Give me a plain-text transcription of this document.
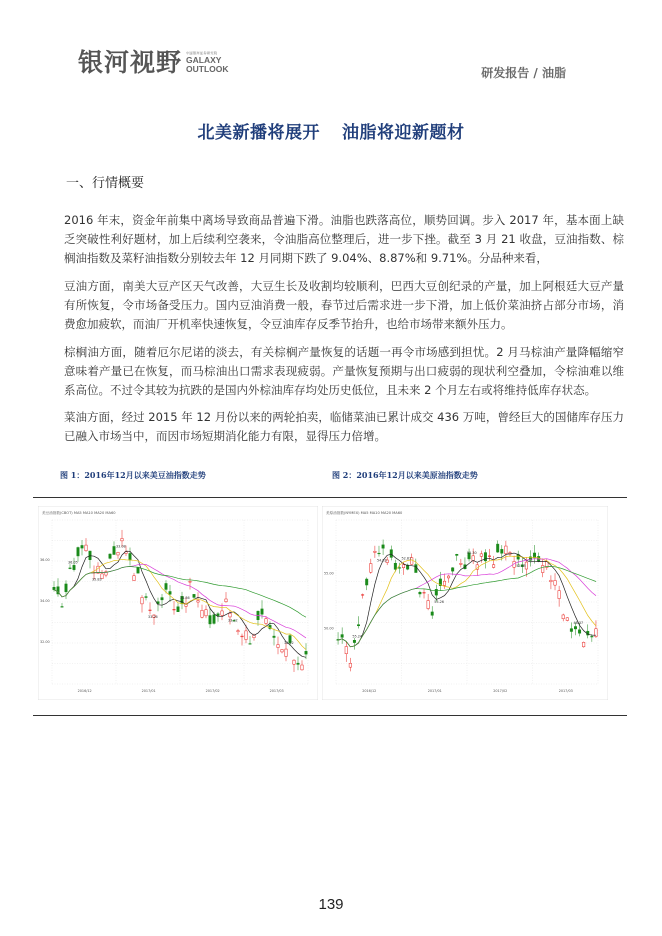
银河视野 中国银河证券研究院
GALAXY
OUTLOOK	研发报告 / 油脂
北美新播将展开 油脂将迎新题材
一、行情概要

2016 年末，资金年前集中离场导致商品普遍下滑。油脂也跌落高位，顺势回调。步入 2017 年，基本面上缺乏突破性利好题材，加上后续利空袭来，令油脂高位整理后，进一步下挫。截至 3 月 21 收盘，豆油指数、棕榈油指数及菜籽油指数分别较去年 12 月同期下跌了 9.04%、8.87%和 9.71%。分品种来看，

豆油方面，南美大豆产区天气改善，大豆生长及收割均较顺利，巴西大豆创纪录的产量，加上阿根廷大豆产量有所恢复，令市场备受压力。国内豆油消费一般，春节过后需求进一步下滑，加上低价菜油挤占部分市场，消费愈加疲软，而油厂开机率快速恢复，令豆油库存反季节抬升，也给市场带来额外压力。

棕榈油方面，随着厄尔尼诺的淡去，有关棕榈产量恢复的话题一再令市场感到担忧。2 月马棕油产量降幅缩窄意味着产量已在恢复，而马棕油出口需求表现疲弱。产量恢复预期与出口疲弱的现状利空叠加，令棕油难以维系高位。不过令其较为抗跌的是国内外棕油库存均处历史低位，且未来 2 个月左右或将维持低库存状态。

菜油方面，经过 2015 年 12 月份以来的两轮拍卖，临储菜油已累计成交 436 万吨，曾经巨大的国储库存压力已融入市场当中，而因市场短期消化能力有限，显得压力倍增。

图 1：2016年12月以来美豆油指数走势	图 2：2016年12月以来美原油指数走势
美豆油指数(CBOT) MA5 MA10 MA20 MA60
36.00
34.00
32.00
2016/12	2017/01	2017/02	2017/03
36.05
35.83
33.08
33.26
34.86
33.22
32.22
美原油指数(NYMEX) MA5 MA10 MA20 MA60
55.00
50.00
2016/12	2017/01	2017/02	2017/03
55.24
54.83	52.81
53.26
51.30
52.85
48.37
139
